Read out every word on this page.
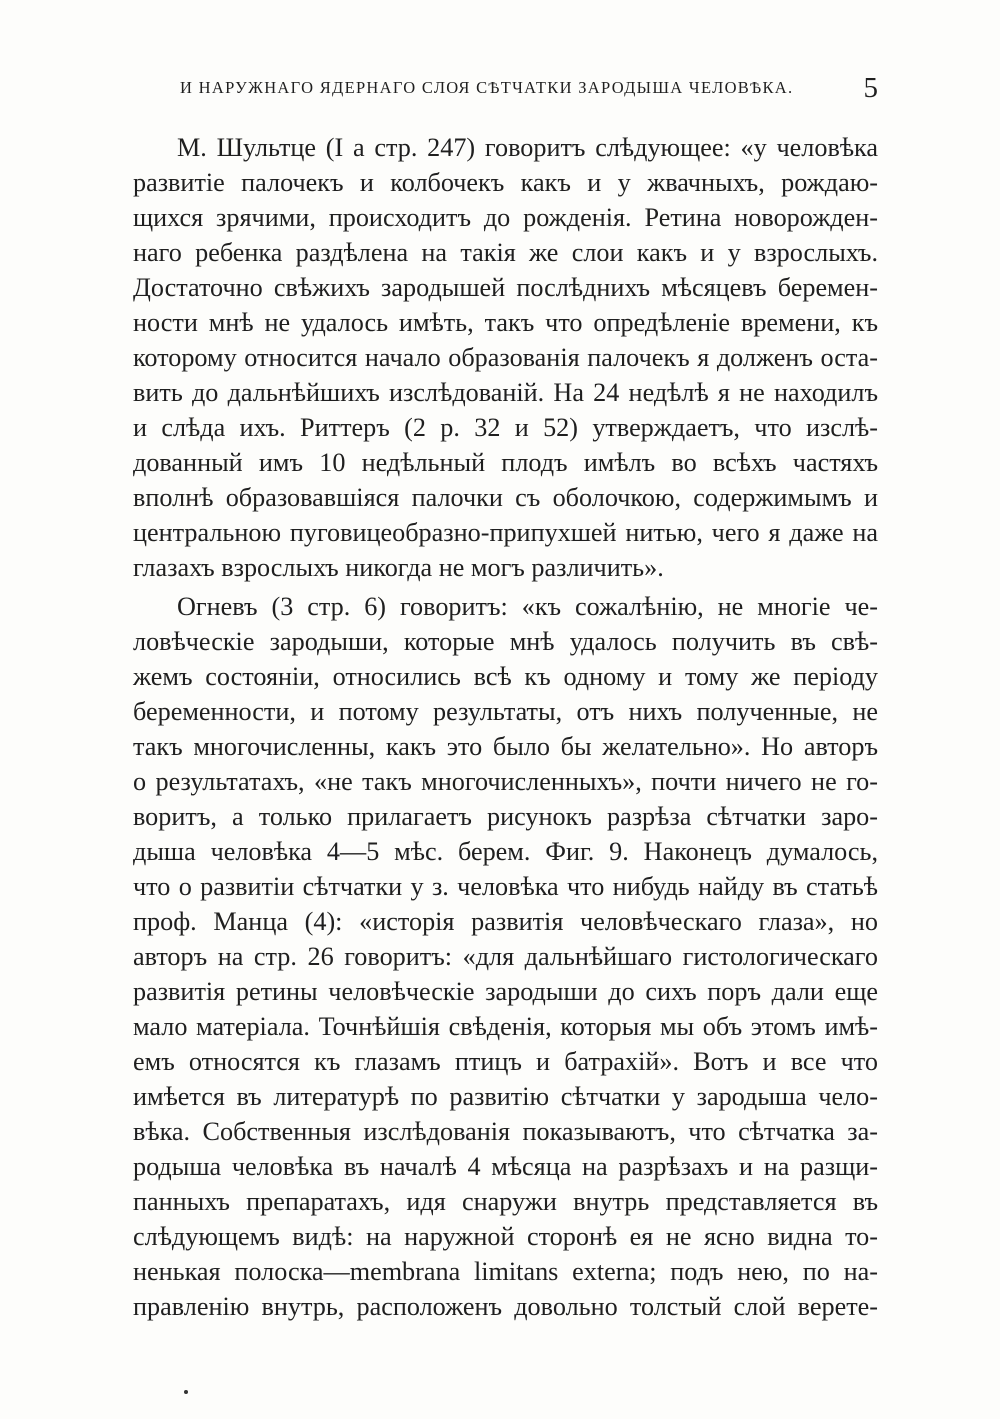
И НАРУЖНАГО ЯДЕРНАГО СЛОЯ СѢТЧАТКИ ЗАРОДЫША ЧЕЛОВѢКА. 5
М. Шультце (I a стр. 247) говоритъ слѣдующее: «у человѣка
развитіе палочекъ и колбочекъ какъ и у жвачныхъ, рождаю-
щихся зрячими, происходитъ до рожденія. Ретина новорожден-
наго ребенка раздѣлена на такія же слои какъ и у взрослыхъ.
Достаточно свѣжихъ зародышей послѣднихъ мѣсяцевъ беремен-
ности мнѣ не удалось имѣть, такъ что опредѣленіе времени, къ
которому относится начало образованія палочекъ я долженъ оста-
вить до дальнѣйшихъ изслѣдованій. На 24 недѣлѣ я не находилъ
и слѣда ихъ. Риттеръ (2 р. 32 и 52) утверждаетъ, что изслѣ-
дованный имъ 10 недѣльный плодъ имѣлъ во всѣхъ частяхъ
вполнѣ образовавшіяся палочки съ оболочкою, содержимымъ и
центральною пуговицеобразно-припухшей нитью, чего я даже на
глазахъ взрослыхъ никогда не могъ различить».
Огневъ (3 стр. 6) говоритъ: «къ сожалѣнію, не многіе че-
ловѣческіе зародыши, которые мнѣ удалось получить въ свѣ-
жемъ состояніи, относились всѣ къ одному и тому же періоду
беременности, и потому результаты, отъ нихъ полученные, не
такъ многочисленны, какъ это было бы желательно». Но авторъ
о результатахъ, «не такъ многочисленныхъ», почти ничего не го-
воритъ, а только прилагаетъ рисунокъ разрѣза сѣтчатки заро-
дыша человѣка 4—5 мѣс. берем. Фиг. 9. Наконецъ думалось,
что о развитіи сѣтчатки у з. человѣка что нибудь найду въ статьѣ
проф. Манца (4): «исторія развитія человѣческаго глаза», но
авторъ на стр. 26 говоритъ: «для дальнѣйшаго гистологическаго
развитія ретины человѣческіе зародыши до сихъ поръ дали еще
мало матеріала. Точнѣйшія свѣденія, которыя мы объ этомъ имѣ-
емъ относятся къ глазамъ птицъ и батрахій». Вотъ и все что
имѣется въ литературѣ по развитію сѣтчатки у зародыша чело-
вѣка. Собственныя изслѣдованія показываютъ, что сѣтчатка за-
родыша человѣка въ началѣ 4 мѣсяца на разрѣзахъ и на разщи-
панныхъ препаратахъ, идя снаружи внутрь представляется въ
слѣдующемъ видѣ: на наружной сторонѣ ея не ясно видна то-
ненькая полоска—membrana limitans externa; подъ нею, по на-
правленію внутрь, расположенъ довольно толстый слой верете-
